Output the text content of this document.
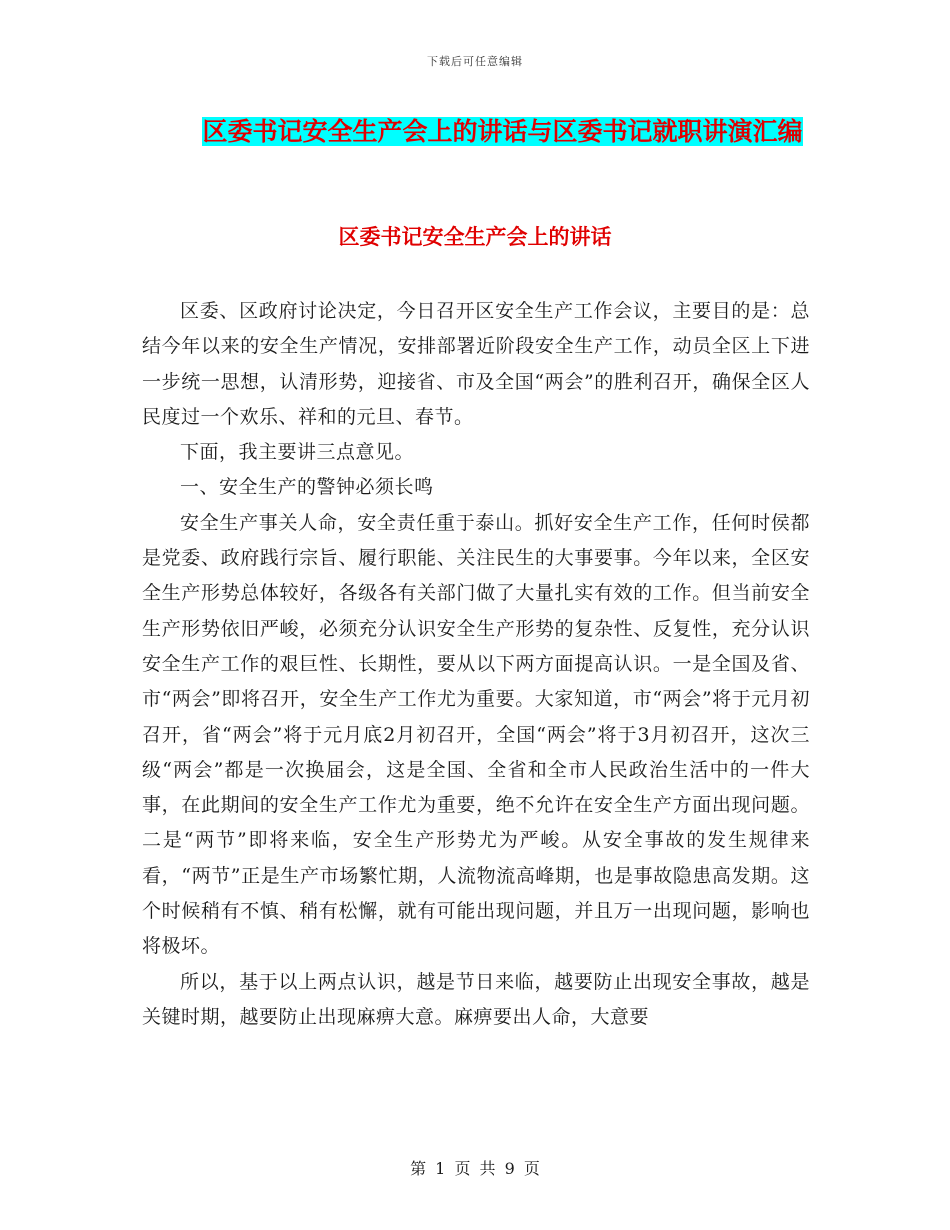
下载后可任意编辑
区委书记安全生产会上的讲话与区委书记就职讲演汇编
区委书记安全生产会上的讲话

区委、区政府讨论决定，今日召开区安全生产工作会议，主要目的是：总结今年以来的安全生产情况，安排部署近阶段安全生产工作，动员全区上下进一步统一思想，认清形势，迎接省、市及全国“两会”的胜利召开，确保全区人民度过一个欢乐、祥和的元旦、春节。

下面，我主要讲三点意见。

一、安全生产的警钟必须长鸣

安全生产事关人命，安全责任重于泰山。抓好安全生产工作，任何时侯都是党委、政府践行宗旨、履行职能、关注民生的大事要事。今年以来，全区安全生产形势总体较好，各级各有关部门做了大量扎实有效的工作。但当前安全生产形势依旧严峻，必须充分认识安全生产形势的复杂性、反复性，充分认识安全生产工作的艰巨性、长期性，要从以下两方面提高认识。一是全国及省、市“两会”即将召开，安全生产工作尤为重要。大家知道，市“两会”将于元月初召开，省“两会”将于元月底2月初召开，全国“两会”将于3月初召开，这次三级“两会”都是一次换届会，这是全国、全省和全市人民政治生活中的一件大事，在此期间的安全生产工作尤为重要，绝不允许在安全生产方面出现问题。二是“两节”即将来临，安全生产形势尤为严峻。从安全事故的发生规律来看，“两节”正是生产市场繁忙期，人流物流高峰期，也是事故隐患高发期。这个时候稍有不慎、稍有松懈，就有可能出现问题，并且万一出现问题，影响也将极坏。

所以，基于以上两点认识，越是节日来临，越要防止出现安全事故，越是关键时期，越要防止出现麻痹大意。麻痹要出人命，大意要

第 1 页 共 9 页
